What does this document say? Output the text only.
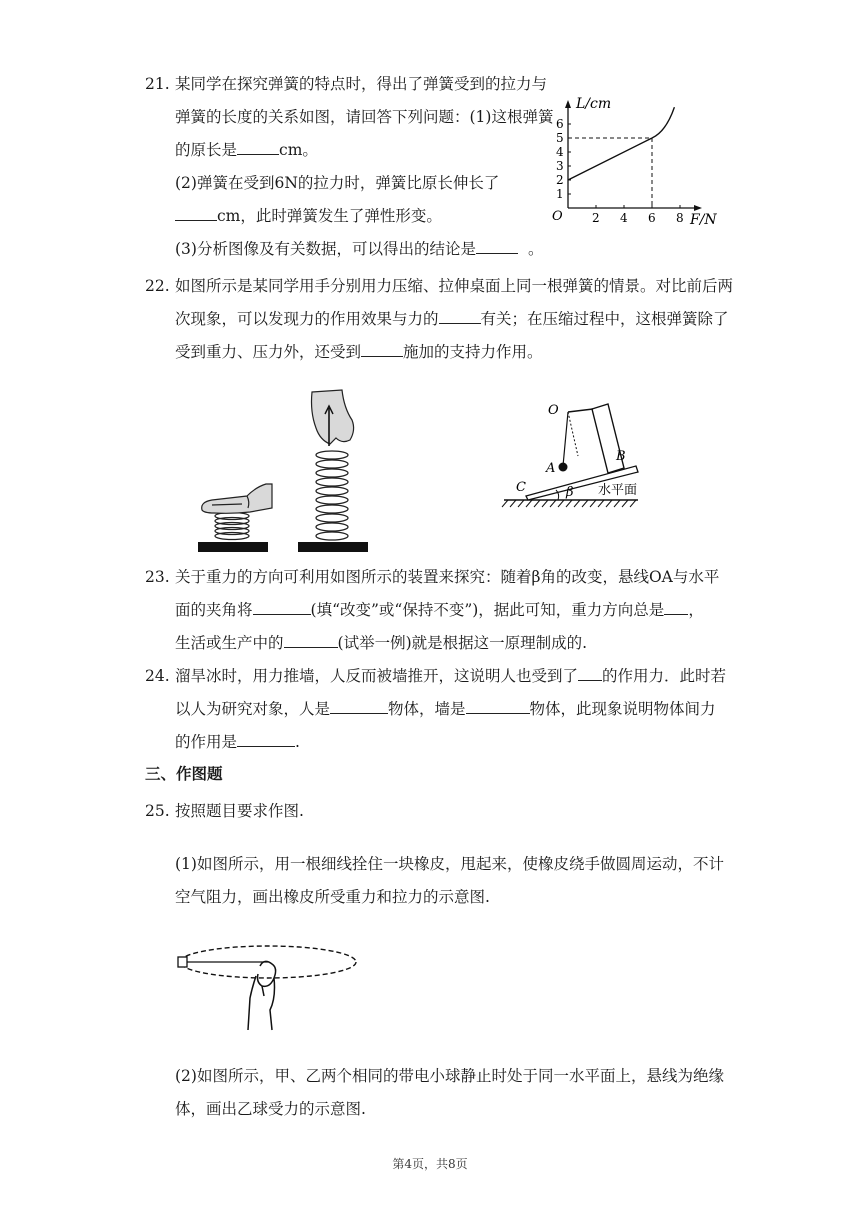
21. 某同学在探究弹簧的特点时，得出了弹簧受到的拉力与
弹簧的长度的关系如图，请回答下列问题：(1)这根弹簧
的原长是	cm。
(2)弹簧在受到6N的拉力时，弹簧比原长伸长了
cm，此时弹簧发生了弹性形变。
(3)分析图像及有关数据，可以得出的结论是	。
L/cm
F/N
O 2 4 6 8
1
2
3
4
5
6
22. 如图所示是某同学用手分别用力压缩、拉伸桌面上同一根弹簧的情景。对比前后两
次现象，可以发现力的作用效果与力的	有关；在压缩过程中，这根弹簧除了
受到重力、压力外，还受到	施加的支持力作用。
O
A
B
C	β 水平面
23. 关于重力的方向可利用如图所示的装置来探究：随着β角的改变，悬线OA与水平
面的夹角将	(填“改变”或“保持不变”)，据此可知，重力方向总是 ，
生活或生产中的	(试举一例)就是根据这一原理制成的.
24. 溜旱冰时，用力推墙，人反而被墙推开，这说明人也受到了 的作用力．此时若
以人为研究对象，人是	物体，墙是	物体，此现象说明物体间力
的作用是	.
三、作图题
25. 按照题目要求作图.
(1)如图所示，用一根细线拴住一块橡皮，甩起来，使橡皮绕手做圆周运动，不计
空气阻力，画出橡皮所受重力和拉力的示意图.
(2)如图所示，甲、乙两个相同的带电小球静止时处于同一水平面上，悬线为绝缘
体，画出乙球受力的示意图.
第4页，共8页
